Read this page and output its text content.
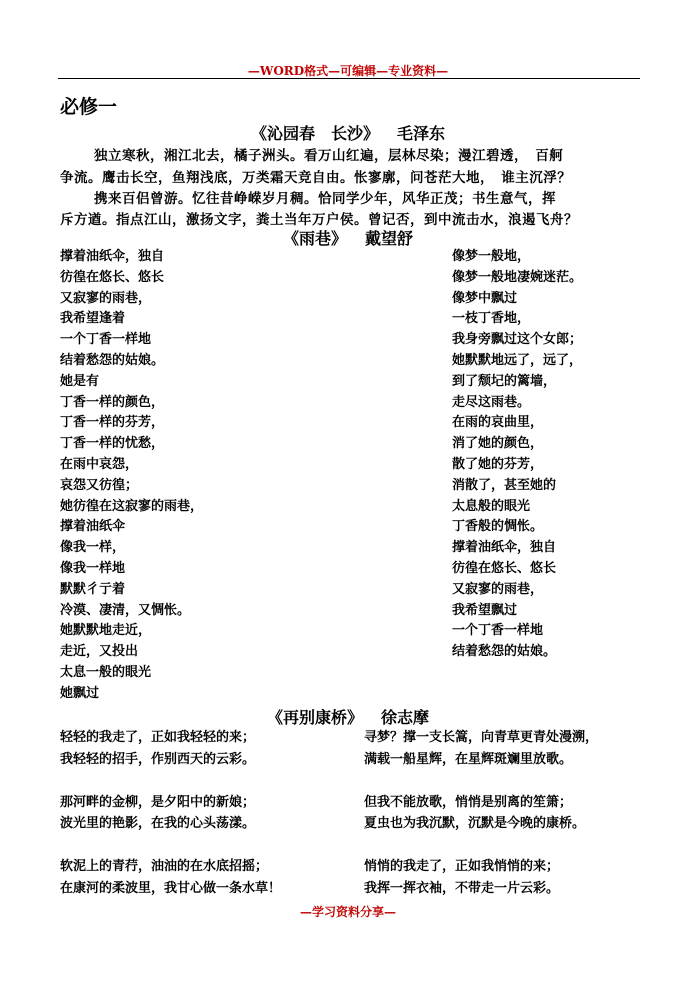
—WORD格式—可编辑—专业资料—
必修一
《沁园春　长沙》 毛泽东
独立寒秋，湘江北去，橘子洲头。看万山红遍，层林尽染；漫江碧透，　百舸
争流。鹰击长空，鱼翔浅底，万类霜天竞自由。怅寥廓，问苍茫大地，　谁主沉浮？
携来百侣曾游。忆往昔峥嵘岁月稠。恰同学少年，风华正茂；书生意气，挥
斥方遒。指点江山，激扬文字，粪土当年万户侯。曾记否，到中流击水，浪遏飞舟？
《雨巷》 戴望舒
撑着油纸伞，独自
彷徨在悠长、悠长
又寂寥的雨巷，
我希望逢着
一个丁香一样地
结着愁怨的姑娘。
她是有
丁香一样的颜色，
丁香一样的芬芳，
丁香一样的忧愁，
在雨中哀怨，
哀怨又彷徨；
她彷徨在这寂寥的雨巷，
撑着油纸伞
像我一样，
像我一样地
默默彳亍着
冷漠、凄清，又惆怅。
她默默地走近，
走近，又投出
太息一般的眼光
她飘过
像梦一般地，
像梦一般地凄婉迷茫。
像梦中飘过
一枝丁香地，
我身旁飘过这个女郎；
她默默地远了，远了，
到了颓圮的篱墙，
走尽这雨巷。
在雨的哀曲里，
消了她的颜色，
散了她的芬芳，
消散了，甚至她的
太息般的眼光
丁香般的惆怅。
撑着油纸伞，独自
彷徨在悠长、悠长
又寂寥的雨巷，
我希望飘过
一个丁香一样地
结着愁怨的姑娘。
《再别康桥》 徐志摩
轻轻的我走了，正如我轻轻的来；
我轻轻的招手，作别西天的云彩。
那河畔的金柳，是夕阳中的新娘；
波光里的艳影，在我的心头荡漾。
软泥上的青荇，油油的在水底招摇；
在康河的柔波里，我甘心做一条水草！
寻梦？撑一支长篙，向青草更青处漫溯，
满载一船星辉，在星辉斑斓里放歌。
但我不能放歌，悄悄是别离的笙箫；
夏虫也为我沉默，沉默是今晚的康桥。
悄悄的我走了，正如我悄悄的来；
我挥一挥衣袖，不带走一片云彩。
—学习资料分享—
